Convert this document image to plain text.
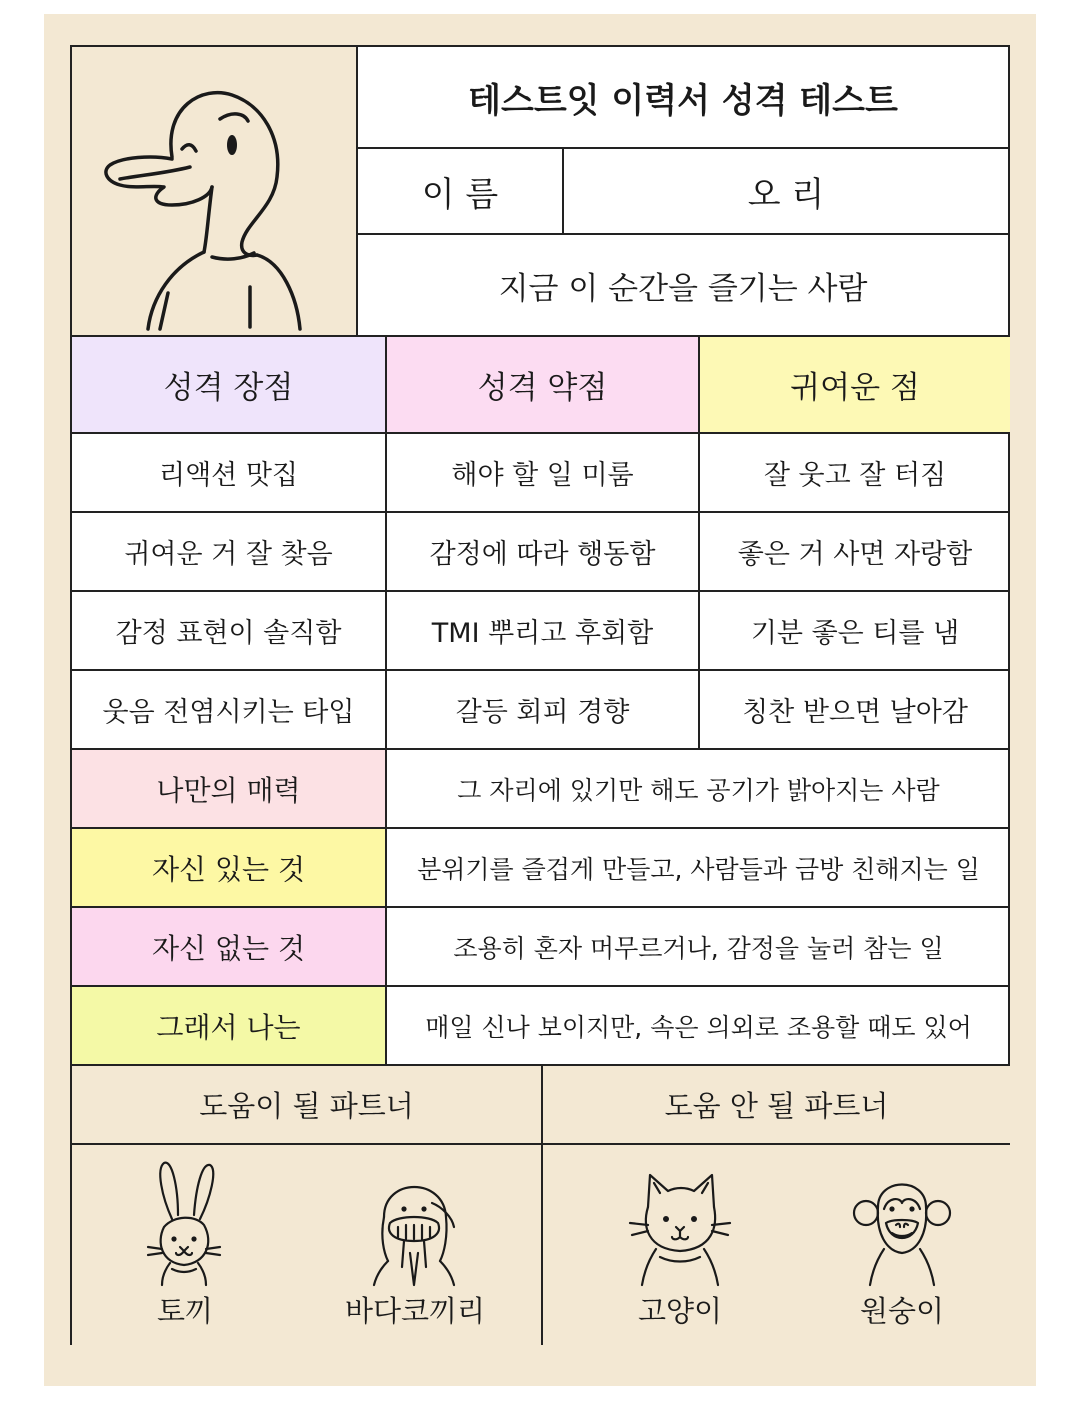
테스트잇 이력서 성격 테스트
이 름	오 리
지금 이 순간을 즐기는 사람
성격 장점	성격 약점	귀여운 점
리액션 맛집	해야 할 일 미룸	잘 웃고 잘 터짐
귀여운 거 잘 찾음	감정에 따라 행동함	좋은 거 사면 자랑함
감정 표현이 솔직함	TMI 뿌리고 후회함	기분 좋은 티를 냄
웃음 전염시키는 타입	갈등 회피 경향	칭찬 받으면 날아감
나만의 매력	그 자리에 있기만 해도 공기가 밝아지는 사람
자신 있는 것	분위기를 즐겁게 만들고, 사람들과 금방 친해지는 일
자신 없는 것	조용히 혼자 머무르거나, 감정을 눌러 참는 일
그래서 나는	매일 신나 보이지만, 속은 의외로 조용할 때도 있어
도움이 될 파트너	도움 안 될 파트너
토끼	바다코끼리	고양이	원숭이
